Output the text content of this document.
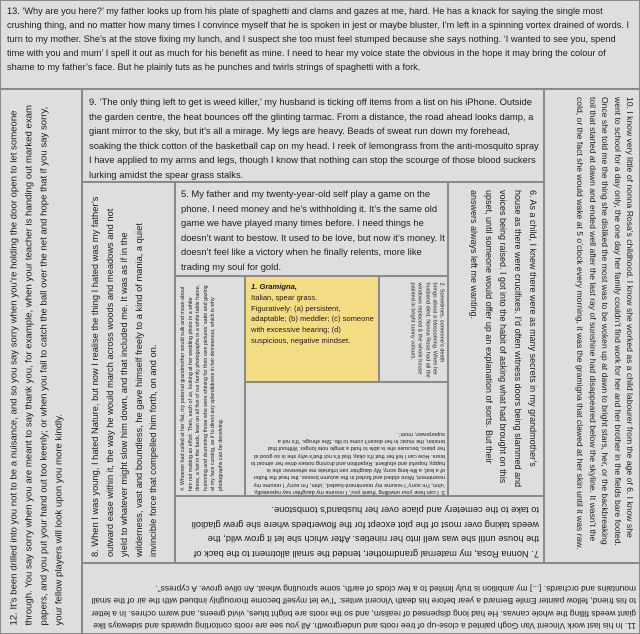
13. ‘Why are you here?’ my father looks up from his plate of spaghetti and clams and gazes at me, hard. He has a knack for saying the single most crushing thing, and no matter how many times I convince myself that he is spoken in jest or maybe bluster, I’m left in a spinning vortex drained of words. I turn to my mother. She’s at the stove fixing my lunch, and I suspect she too must feel stumped because she says nothing. ‘I wanted to see you, spend time with you and mum’ I spell it out as much for his benefit as mine. I need to hear my voice state the obvious in the hope it may bring the colour of shame to my father’s face. But he plainly tuts as he punches and twirls strings of spaghetti with a fork.

12. It’s been drilled into you not to be a nuisance, and so you say sorry when you’re holding the door open to let someone through. You say sorry when you are meant to say thank you, for example, when your teacher is handing out marked exam papers, and you put your hand out too keenly; or when you fail to catch the ball over the net and hope that if you say sorry, your fellow players will look upon you more kindly.

11. In his last work Vincent Van Gogh painted a close-up of tree roots and undergrowth. All you see are roots contorting upwards and sideways like giant weeds filling the whole canvas. He had long dispensed of realism, and so the roots are bright blues, vivid greens, and warm ochres. In a letter to his friend, fellow painter Emile Bernard a year before his death Vincent writes: “I’ve let myself become thoroughly imbued with the air of the small mountains and orchards. [...] my ambition is truly limited to a few clods of earth, some sprouting wheat. An olive grove. A cypress”.

10. I know very little of nonna Rosa’s childhood. I know she worked as a child labourer from the age of 6. I know she went to school for a day only, the one day her family couldn’t find work for her and her brother in the fields bare footed. Once she told me the thing she disliked the most was to be woken up at dawn to bright stars, her, or the backbreaking toil that started at dawn and ended well after the last ray of sunshine had disappeared below the skyline. It wasn’t the cold, or the fact she would wake at 5 o’clock every morning, it was the gramigna that clawed at her skin until it was raw.

9. ‘The only thing left to get is weed killer,’ my husband is ticking off items from a list on his iPhone. Outside the garden centre, the heat bounces off the glinting tarmac. From a distance, the road ahead looks damp, a giant mirror to the sky, but it’s all a mirage. My legs are heavy. Beads of sweat run down my forehead, soaking the thick cotton of the basketball cap on my head. I reek of lemongrass from the anti-mosquito spray I have applied to my arms and legs, though I know that nothing can stop the scourge of those blood suckers lurking amidst the spear grass stalks.

8. When I was young, I hated Nature, but now I realise the thing I hated was my father’s outward ease within it, the way he would march across woods and meadows and not yield to whatever might slow him down, and that included me. It was as if in the wilderness, vast and boundless, he gave himself freely to a kind of mania, a quiet invincible force that compelled him forth, on and on.	7. Nonna Rosa, my maternal grandmother, tended the small allotment to the back of the house until she was well into her nineties. After which she let it grow wild, the weeds taking over most of the plot except for the flowerbeds where she grew gladioli to take to the cemetery and place over her husband’s tombstone.

6. As a child, I knew there were as many secrets in my grandmother’s house as there were crucifixes. I’d often witness doors being slammed and voices being raised. I got into the habit of asking what had brought on this upset, until someone would offer up an explanation of sorts. But their answers always left me wanting.

5. My father and my twenty-year-old self play a game on the phone. I need money and he’s withholding it. It’s the same old game we have played many times before. I need things he doesn’t want to bestow. It used to be love, but now it’s money. It doesn’t feel like a victory when he finally relents, more like trading my soul for gold.

4. Whoever had called at her flat, my paternal grandmother would sulk and moan about him not making an effort. Then, each of us, looking at her wedding photo in a white dress, a hat in the back, lean on all five of our family photographs in a white table frame, humming and drumming those who were shining for their own pictures’ sake and gazing at my face cursing, as if to direct any splendidness in her demeanour, which is why photographs can be deceiving.

3. I can hear your unwilling ‘thank you’, I resume my daughter say repeatedly, ‘uhm, I’m sorry’ I resume my resentment-loaded, ‘uhm, I’m sorry’ I resume my resentment, More ebbed and fizzled in the autumn breeze, the heat the flutter of a leaf, a life-long sorry, My daughter can infuriate me whenever she is happy, hopeful and ebullient. Repetition and droning noises drive her almost to tears. How can I tell her that it’s okay, that it’s not that’s why she is so good at her piano, because she is able to hold a single note longer. Without that tension, the music in her doesn’t come to life. She shrugs. ‘It’s not a superpower, mum’.

2. Sometimes, someone’s death brings about a blossoming. When her husband died, Nonna Rosa had all the windows replaced & the whole house painted in bright sunny colours.

1. Gramigna,
Italian, spear grass.
Figuratively: (a) persistent, adaptable; (b) meddler; (c) someone with excessive hearing; (d) suspicious, negative mindset.
